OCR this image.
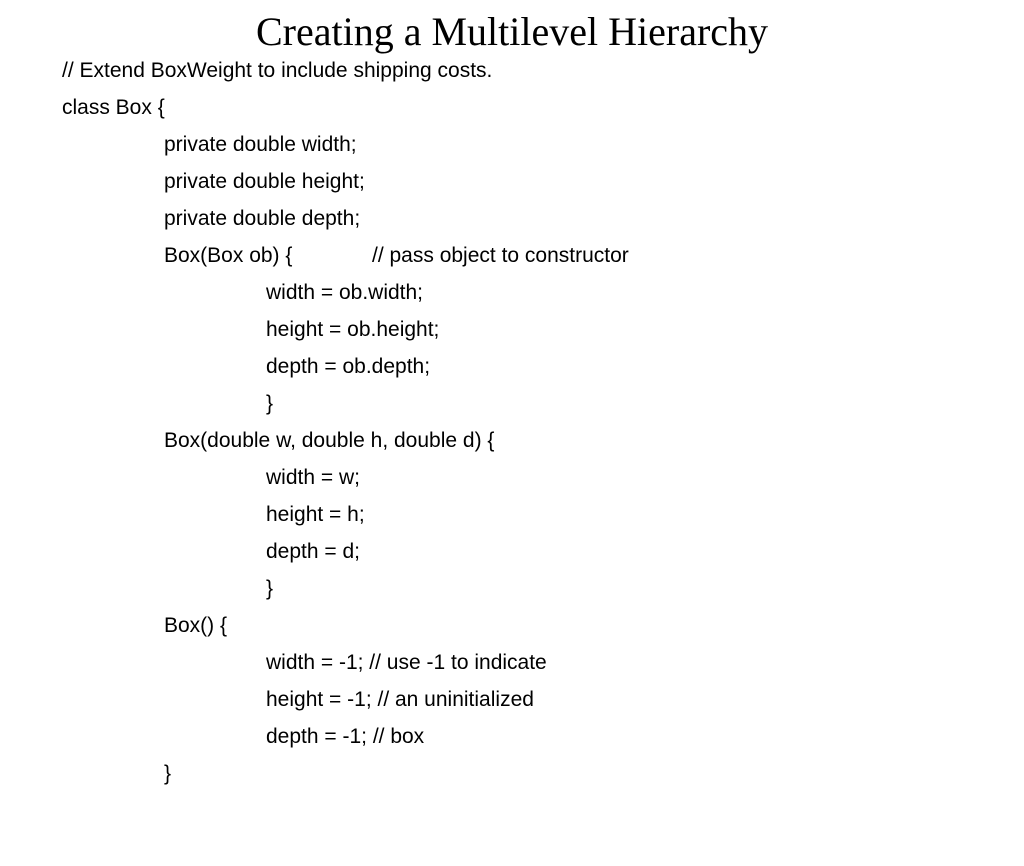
Creating a Multilevel Hierarchy

// Extend BoxWeight to include shipping costs.

class Box {

private double width;

private double height;

private double depth;

Box(Box ob) {

	// pass object to constructor

width = ob.width;

height = ob.height;

depth = ob.depth;

}

Box(double w, double h, double d) {

width = w;

height = h;

depth = d;

}

Box() {

width = -1; // use -1 to indicate

height = -1; // an uninitialized

depth = -1; // box

}
